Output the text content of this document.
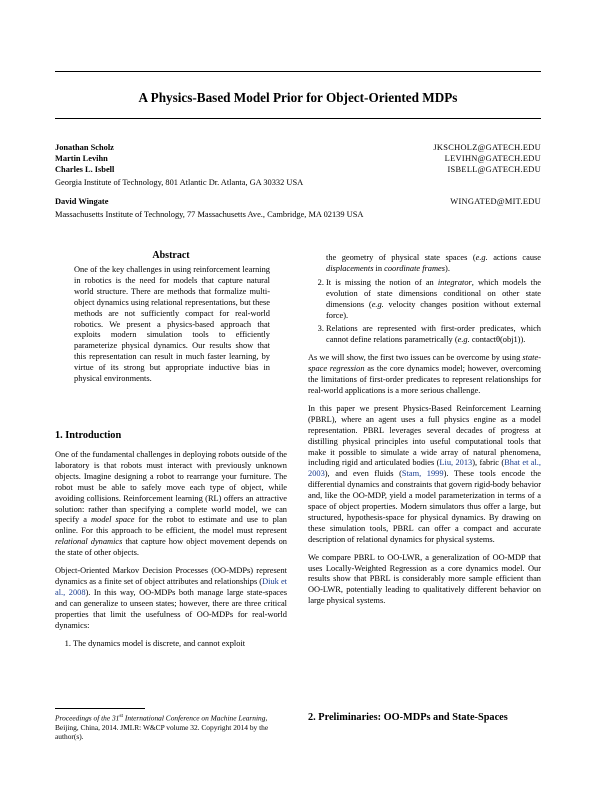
A Physics-Based Model Prior for Object-Oriented MDPs
Jonathan Scholz	JKSCHOLZ@GATECH.EDU
Martin Levihn	LEVIHN@GATECH.EDU
Charles L. Isbell	ISBELL@GATECH.EDU
Georgia Institute of Technology, 801 Atlantic Dr. Atlanta, GA 30332 USA
David Wingate	WINGATED@MIT.EDU
Massachusetts Institute of Technology, 77 Massachusetts Ave., Cambridge, MA 02139 USA
Abstract
One of the key challenges in using reinforcement learning in robotics is the need for models that capture natural world structure. There are methods that formalize multi-object dynamics using relational representations, but these methods are not sufficiently compact for real-world robotics. We present a physics-based approach that exploits modern simulation tools to efficiently parameterize physical dynamics. Our results show that this representation can result in much faster learning, by virtue of its strong but appropriate inductive bias in physical environments.
1. Introduction

One of the fundamental challenges in deploying robots outside of the laboratory is that robots must interact with previously unknown objects. Imagine designing a robot to rearrange your furniture. The robot must be able to safely move each type of object, while avoiding collisions. Reinforcement learning (RL) offers an attractive solution: rather than specifying a complete world model, we can specify a model space for the robot to estimate and use to plan online. For this approach to be efficient, the model must represent relational dynamics that capture how object movement depends on the state of other objects.

Object-Oriented Markov Decision Processes (OO-MDPs) represent dynamics as a finite set of object attributes and relationships (Diuk et al., 2008). In this way, OO-MDPs both manage large state-spaces and can generalize to unseen states; however, there are three critical properties that limit the usefulness of OO-MDPs for real-world dynamics:

1. The dynamics model is discrete, and cannot exploit
Proceedings of the 31st International Conference on Machine Learning, Beijing, China, 2014. JMLR: W&CP volume 32. Copyright 2014 by the author(s).
the geometry of physical state spaces (e.g. actions cause displacements in coordinate frames).
2. It is missing the notion of an integrator, which models the evolution of state dimensions conditional on other state dimensions (e.g. velocity changes position without external force).
3. Relations are represented with first-order predicates, which cannot define relations parametrically (e.g. contactθ(obj1)).

As we will show, the first two issues can be overcome by using state-space regression as the core dynamics model; however, overcoming the limitations of first-order predicates to represent relationships for real-world applications is a more serious challenge.

In this paper we present Physics-Based Reinforcement Learning (PBRL), where an agent uses a full physics engine as a model representation. PBRL leverages several decades of progress at distilling physical principles into useful computational tools that make it possible to simulate a wide array of natural phenomena, including rigid and articulated bodies (Liu, 2013), fabric (Bhat et al., 2003), and even fluids (Stam, 1999). These tools encode the differential dynamics and constraints that govern rigid-body behavior and, like the OO-MDP, yield a model parameterization in terms of a space of object properties. Modern simulators thus offer a large, but structured, hypothesis-space for physical dynamics. By drawing on these simulation tools, PBRL can offer a compact and accurate description of relational dynamics for physical systems.

We compare PBRL to OO-LWR, a generalization of OO-MDP that uses Locally-Weighted Regression as a core dynamics model. Our results show that PBRL is considerably more sample efficient than OO-LWR, potentially leading to qualitatively different behavior on large physical systems.

2. Preliminaries: OO-MDPs and State-Spaces
